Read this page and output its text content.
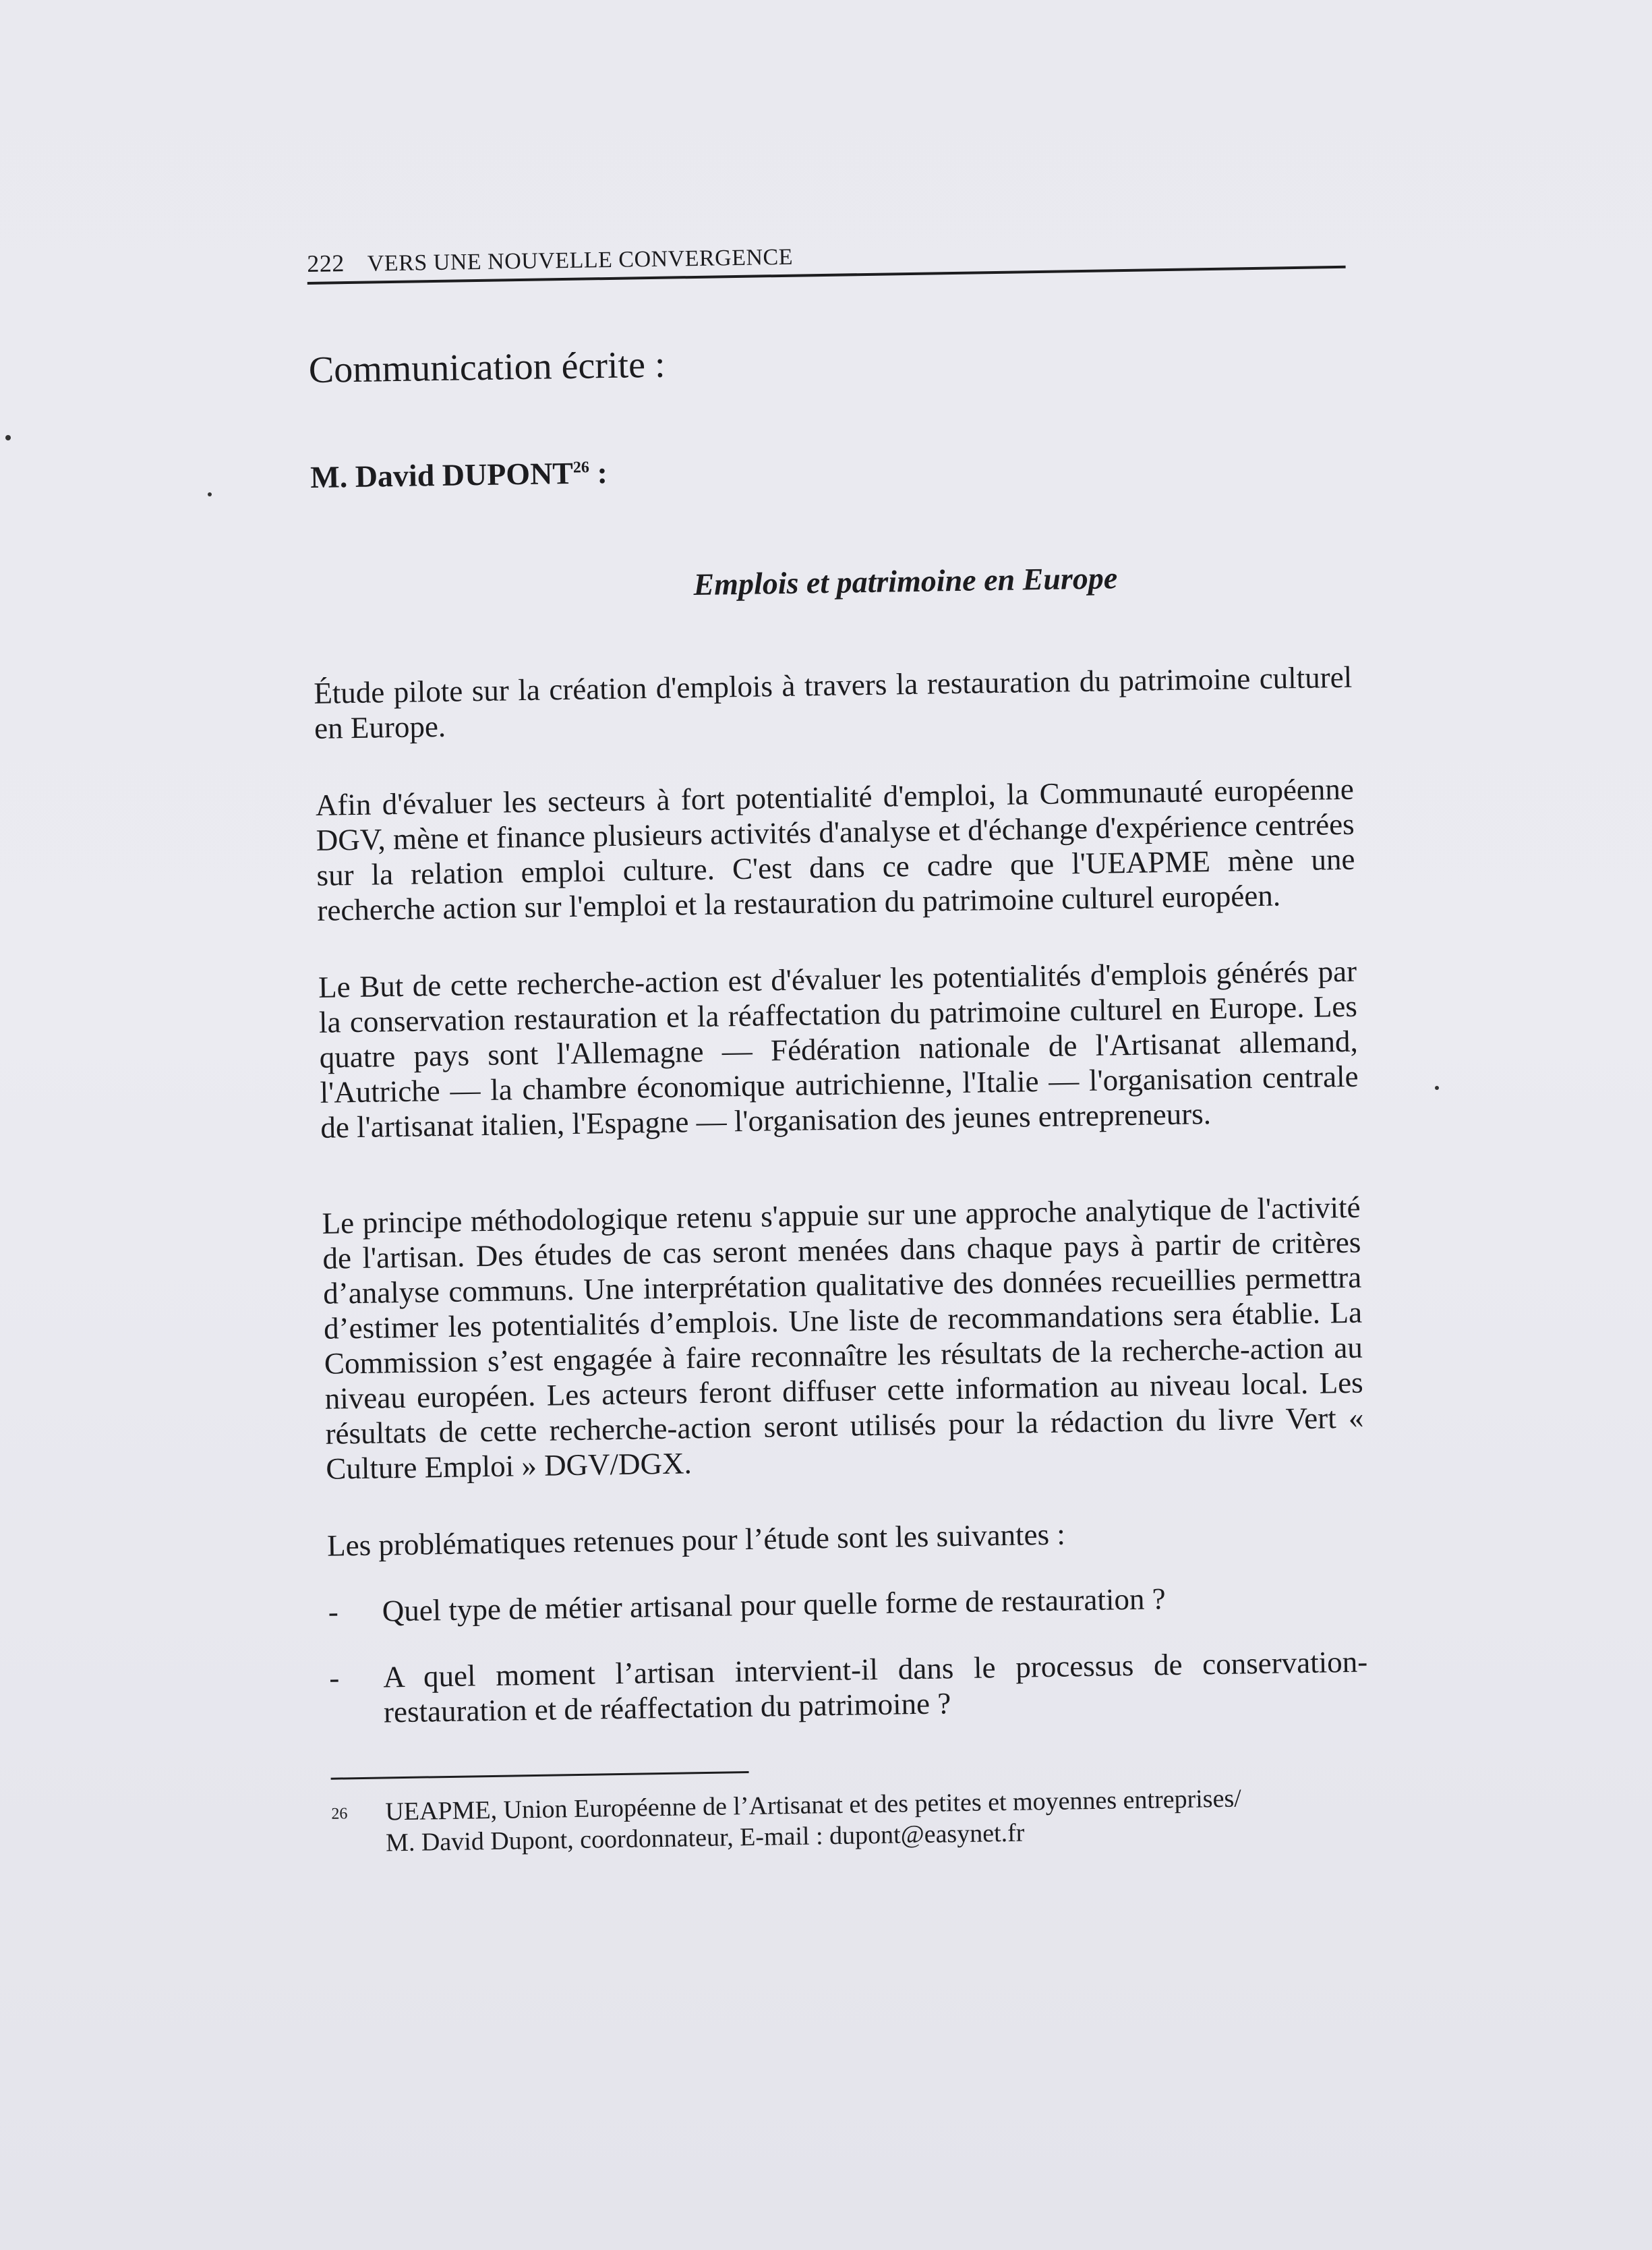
222 VERS UNE NOUVELLE CONVERGENCE
Communication écrite :
M. David DUPONT$^{26}$ :
Emplois et patrimoine en Europe

Étude pilote sur la création d'emplois à travers la restauration du patrimoine culturel en Europe.

Afin d'évaluer les secteurs à fort potentialité d'emploi, la Communauté européenne DGV, mène et finance plusieurs activités d'analyse et d'échange d'expérience centrées sur la relation emploi culture. C'est dans ce cadre que l'UEAPME mène une recherche action sur l'emploi et la restauration du patrimoine culturel européen.

Le But de cette recherche-action est d'évaluer les potentialités d'emplois générés par la conservation restauration et la réaffectation du patrimoine culturel en Europe. Les quatre pays sont l'Allemagne — Fédération nationale de l'Artisanat allemand, l'Autriche — la chambre économique autrichienne, l'Italie — l'organisation centrale de l'artisanat italien, l'Espagne — l'organisation des jeunes entrepreneurs.

Le principe méthodologique retenu s'appuie sur une approche analytique de l'activité de l'artisan. Des études de cas seront menées dans chaque pays à partir de critères d’analyse communs. Une interprétation qualitative des données recueillies permettra d’estimer les potentialités d’emplois. Une liste de recommandations sera établie. La Commission s’est engagée à faire reconnaître les résultats de la recherche-action au niveau européen. Les acteurs feront diffuser cette information au niveau local. Les résultats de cette recherche-action seront utilisés pour la rédaction du livre Vert « Culture Emploi » DGV/DGX.

Les problématiques retenues pour l’étude sont les suivantes :

-	Quel type de métier artisanal pour quelle forme de restauration ?
-	A quel moment l’artisan intervient-il dans le processus de conservation-restauration et de réaffectation du patrimoine ?
26	UEAPME, Union Européenne de l’Artisanat et des petites et moyennes entreprises/
M. David Dupont, coordonnateur, E-mail : dupont@easynet.fr
